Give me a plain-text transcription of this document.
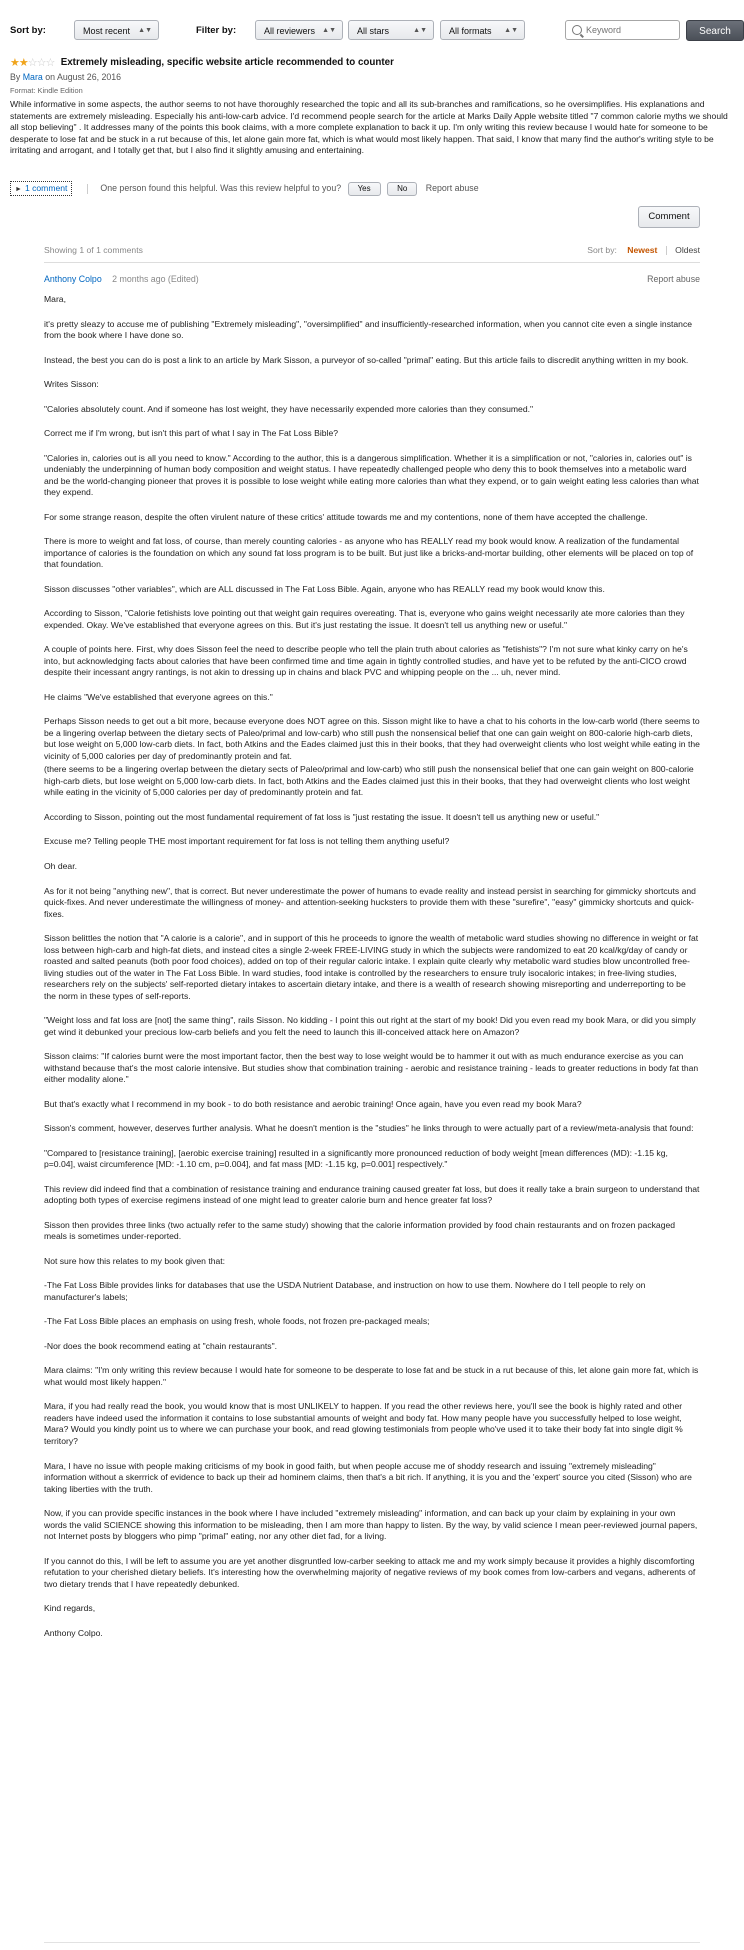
Sort by:	Most recent ▲▼	Filter by:	All reviewers ▲▼	All stars	▲▼	All formats ▲▼
Keyword	Search
★★☆☆☆ Extremely misleading, specific website article recommended to counter
By Mara on August 26, 2016
Format: Kindle Edition
While informative in some aspects, the author seems to not have thoroughly researched the topic and all its sub-branches and ramifications, so he oversimplifies. His explanations and statements are extremely misleading. Especially his anti-low-carb advice. I'd recommend people search for the article at Marks Daily Apple website titled "7 common calorie myths we should all stop believing" . It addresses many of the points this book claims, with a more complete explanation to back it up. I'm only writing this review because I would hate for someone to be desperate to lose fat and be stuck in a rut because of this, let alone gain more fat, which is what would most likely happen. That said, I know that many find the author's writing style to be irritating and arrogant, and I totally get that, but I also find it slightly amusing and entertaining.
► 1 comment	One person found this helpful. Was this review helpful to you? Yes	No Report abuse
Comment
Showing 1 of 1 comments	Sort by: Newest Oldest
Anthony Colpo 2 months ago (Edited)	Report abuse

Mara,

it's pretty sleazy to accuse me of publishing "Extremely misleading", "oversimplified" and insufficiently-researched information, when you cannot cite even a single instance from the book where I have done so.

Instead, the best you can do is post a link to an article by Mark Sisson, a purveyor of so-called "primal" eating. But this article fails to discredit anything written in my book.

Writes Sisson:

"Calories absolutely count. And if someone has lost weight, they have necessarily expended more calories than they consumed."

Correct me if I'm wrong, but isn't this part of what I say in The Fat Loss Bible?

"Calories in, calories out is all you need to know." According to the author, this is a dangerous simplification. Whether it is a simplification or not, "calories in, calories out" is undeniably the underpinning of human body composition and weight status. I have repeatedly challenged people who deny this to book themselves into a metabolic ward and be the world-changing pioneer that proves it is possible to lose weight while eating more calories than what they expend, or to gain weight eating less calories than what they expend.

For some strange reason, despite the often virulent nature of these critics' attitude towards me and my contentions, none of them have accepted the challenge.

There is more to weight and fat loss, of course, than merely counting calories - as anyone who has REALLY read my book would know. A realization of the fundamental importance of calories is the foundation on which any sound fat loss program is to be built. But just like a bricks-and-mortar building, other elements will be placed on top of that foundation.

Sisson discusses "other variables", which are ALL discussed in The Fat Loss Bible. Again, anyone who has REALLY read my book would know this.

According to Sisson, "Calorie fetishists love pointing out that weight gain requires overeating. That is, everyone who gains weight necessarily ate more calories than they expended. Okay. We've established that everyone agrees on this. But it's just restating the issue. It doesn't tell us anything new or useful."

A couple of points here. First, why does Sisson feel the need to describe people who tell the plain truth about calories as "fetishists"? I'm not sure what kinky carry on he's into, but acknowledging facts about calories that have been confirmed time and time again in tightly controlled studies, and have yet to be refuted by the anti-CICO crowd despite their incessant angry rantings, is not akin to dressing up in chains and black PVC and whipping people on the ... uh, never mind.

He claims "We've established that everyone agrees on this."

Perhaps Sisson needs to get out a bit more, because everyone does NOT agree on this. Sisson might like to have a chat to his cohorts in the low-carb world (there seems to be a lingering overlap between the dietary sects of Paleo/primal and low-carb) who still push the nonsensical belief that one can gain weight on 800-calorie high-carb diets, but lose weight on 5,000 low-carb diets. In fact, both Atkins and the Eades claimed just this in their books, that they had overweight clients who lost weight while eating in the vicinity of 5,000 calories per day of predominantly protein and fat.

(there seems to be a lingering overlap between the dietary sects of Paleo/primal and low-carb) who still push the nonsensical belief that one can gain weight on 800-calorie high-carb diets, but lose weight on 5,000 low-carb diets. In fact, both Atkins and the Eades claimed just this in their books, that they had overweight clients who lost weight while eating in the vicinity of 5,000 calories per day of predominantly protein and fat.

According to Sisson, pointing out the most fundamental requirement of fat loss is "just restating the issue. It doesn't tell us anything new or useful."

Excuse me? Telling people THE most important requirement for fat loss is not telling them anything useful?

Oh dear.

As for it not being "anything new", that is correct. But never underestimate the power of humans to evade reality and instead persist in searching for gimmicky shortcuts and quick-fixes. And never underestimate the willingness of money- and attention-seeking hucksters to provide them with these "surefire", "easy" gimmicky shortcuts and quick-fixes.

Sisson belittles the notion that "A calorie is a calorie", and in support of this he proceeds to ignore the wealth of metabolic ward studies showing no difference in weight or fat loss between high-carb and high-fat diets, and instead cites a single 2-week FREE-LIVING study in which the subjects were randomized to eat 20 kcal/kg/day of candy or roasted and salted peanuts (both poor food choices), added on top of their regular caloric intake. I explain quite clearly why metabolic ward studies blow uncontrolled free-living studies out of the water in The Fat Loss Bible. In ward studies, food intake is controlled by the researchers to ensure truly isocaloric intakes; in free-living studies, researchers rely on the subjects' self-reported dietary intakes to ascertain dietary intake, and there is a wealth of research showing misreporting and underreporting to be the norm in these types of self-reports.

"Weight loss and fat loss are [not] the same thing", rails Sisson. No kidding - I point this out right at the start of my book! Did you even read my book Mara, or did you simply get wind it debunked your precious low-carb beliefs and you felt the need to launch this ill-conceived attack here on Amazon?

Sisson claims: "If calories burnt were the most important factor, then the best way to lose weight would be to hammer it out with as much endurance exercise as you can withstand because that's the most calorie intensive. But studies show that combination training - aerobic and resistance training - leads to greater reductions in body fat than either modality alone."

But that's exactly what I recommend in my book - to do both resistance and aerobic training! Once again, have you even read my book Mara?

Sisson's comment, however, deserves further analysis. What he doesn't mention is the "studies" he links through to were actually part of a review/meta-analysis that found:

"Compared to [resistance training], [aerobic exercise training] resulted in a significantly more pronounced reduction of body weight [mean differences (MD): -1.15 kg, p=0.04], waist circumference [MD: -1.10 cm, p=0.004], and fat mass [MD: -1.15 kg, p=0.001] respectively."

This review did indeed find that a combination of resistance training and endurance training caused greater fat loss, but does it really take a brain surgeon to understand that adopting both types of exercise regimens instead of one might lead to greater calorie burn and hence greater fat loss?

Sisson then provides three links (two actually refer to the same study) showing that the calorie information provided by food chain restaurants and on frozen packaged meals is sometimes under-reported.

Not sure how this relates to my book given that:

-The Fat Loss Bible provides links for databases that use the USDA Nutrient Database, and instruction on how to use them. Nowhere do I tell people to rely on manufacturer's labels;

-The Fat Loss Bible places an emphasis on using fresh, whole foods, not frozen pre-packaged meals;

-Nor does the book recommend eating at "chain restaurants".

Mara claims: "I'm only writing this review because I would hate for someone to be desperate to lose fat and be stuck in a rut because of this, let alone gain more fat, which is what would most likely happen."

Mara, if you had really read the book, you would know that is most UNLIKELY to happen. If you read the other reviews here, you'll see the book is highly rated and other readers have indeed used the information it contains to lose substantial amounts of weight and body fat. How many people have you successfully helped to lose weight, Mara? Would you kindly point us to where we can purchase your book, and read glowing testimonials from people who've used it to take their body fat into single digit % territory?

Mara, I have no issue with people making criticisms of my book in good faith, but when people accuse me of shoddy research and issuing "extremely misleading" information without a skerrrick of evidence to back up their ad hominem claims, then that's a bit rich. If anything, it is you and the 'expert' source you cited (Sisson) who are taking liberties with the truth.

Now, if you can provide specific instances in the book where I have included "extremely misleading" information, and can back up your claim by explaining in your own words the valid SCIENCE showing this information to be misleading, then I am more than happy to listen. By the way, by valid science I mean peer-reviewed journal papers, not Internet posts by bloggers who pimp "primal" eating, nor any other diet fad, for a living.

If you cannot do this, I will be left to assume you are yet another disgruntled low-carber seeking to attack me and my work simply because it provides a highly discomforting refutation to your cherished dietary beliefs. It's interesting how the overwhelming majority of negative reviews of my book comes from low-carbers and vegans, adherents of two dietary trends that I have repeatedly debunked.

Kind regards,

Anthony Colpo.
